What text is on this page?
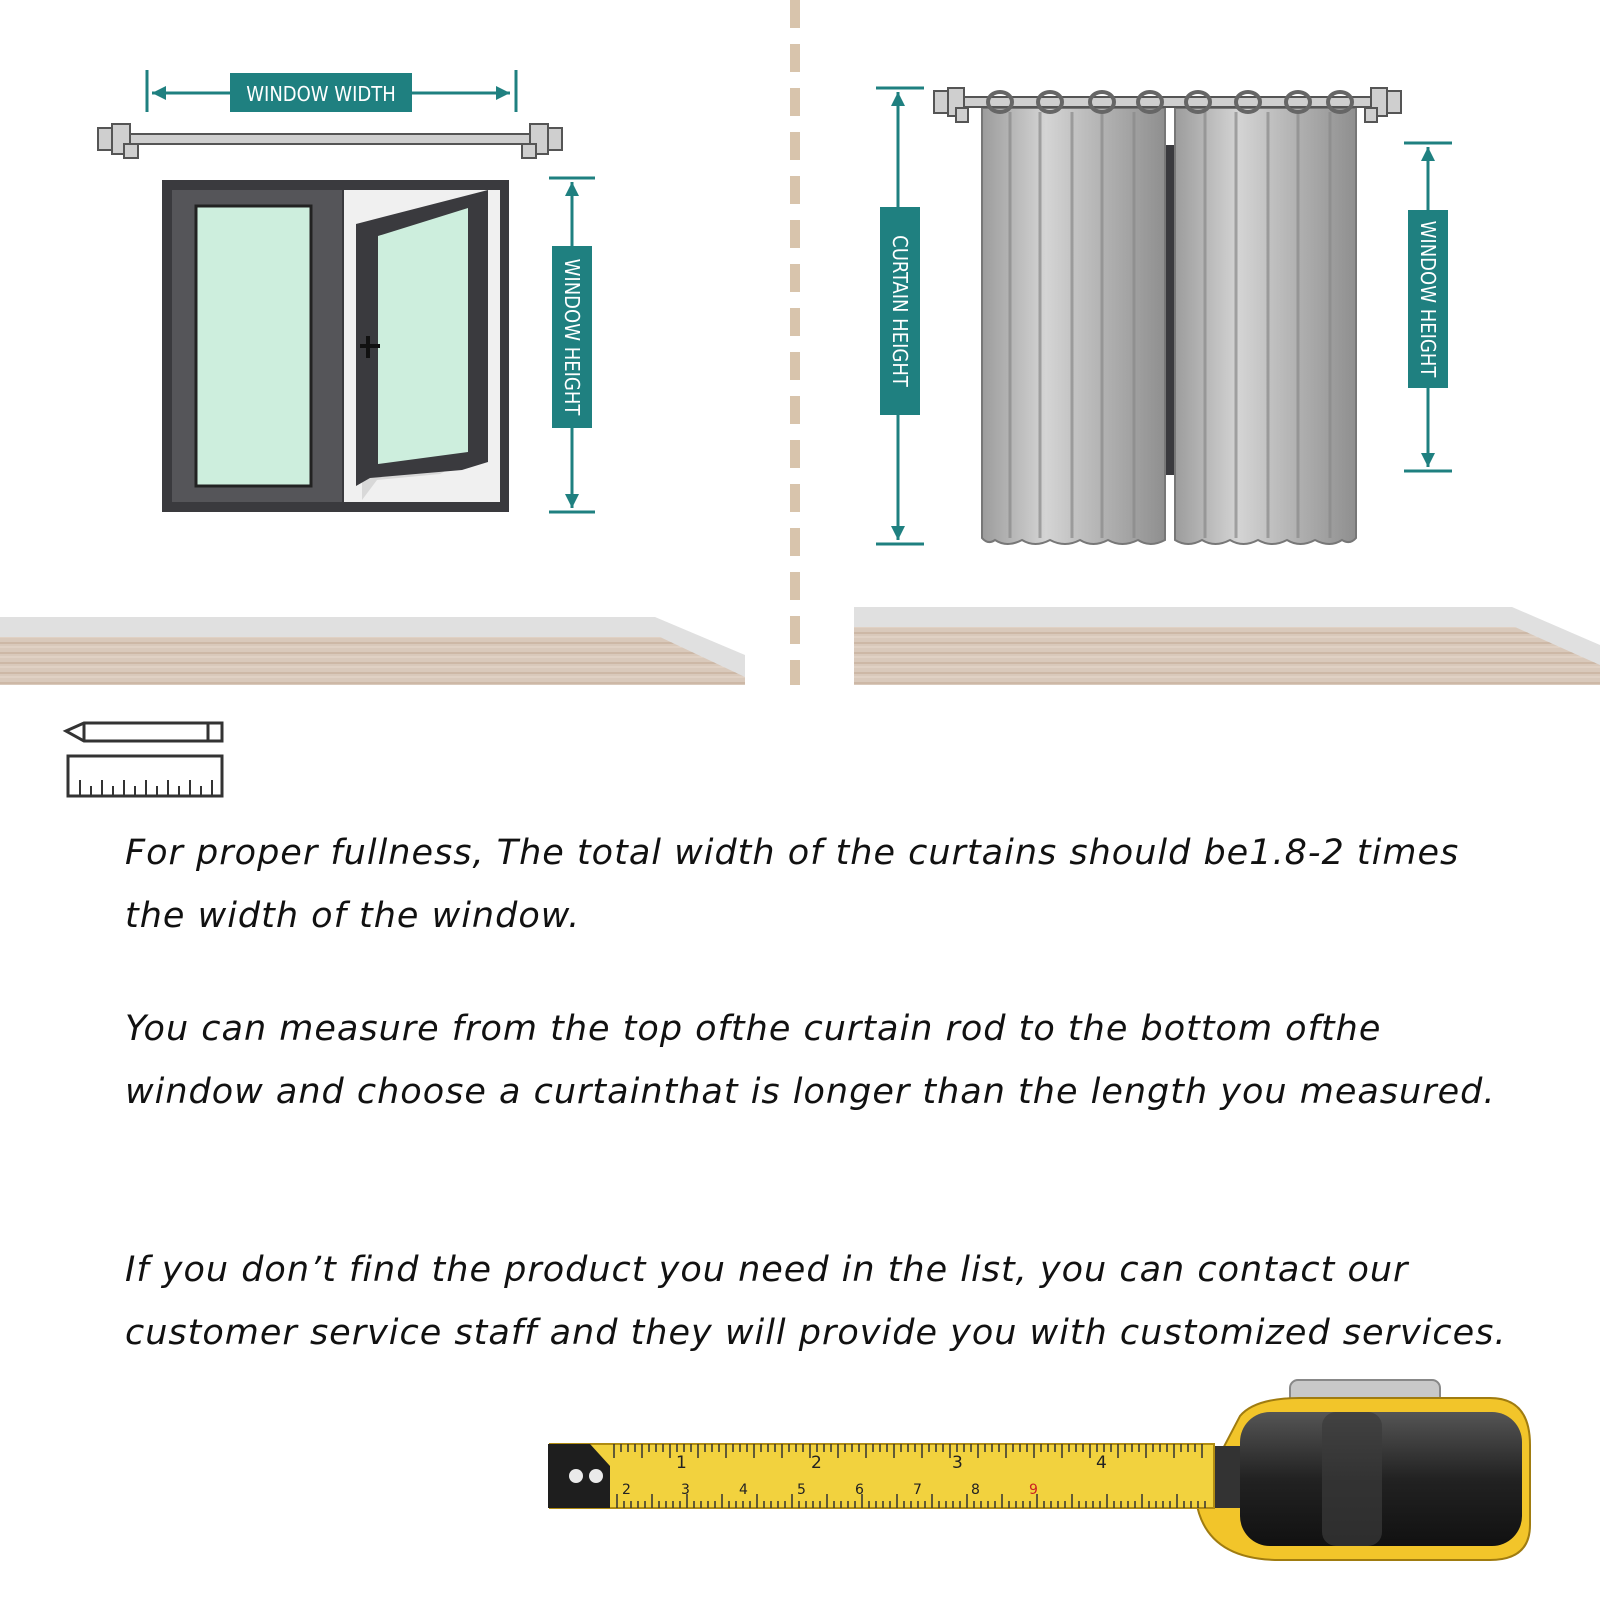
WINDOW WIDTH
WINDOW HEIGHT	CURTAIN HEIGHT	WINDOW HEIGHT
1	2	3	4
2	3	4	5	6	7	8	9

For proper fullness, The total width of the curtains should be1.8-2 times the width of the window.

You can measure from the top ofthe curtain rod to the bottom ofthe window and choose a curtainthat is longer than the length you measured.

If you don’t find the product you need in the list, you can contact our customer service staff and they will provide you with customized services.
